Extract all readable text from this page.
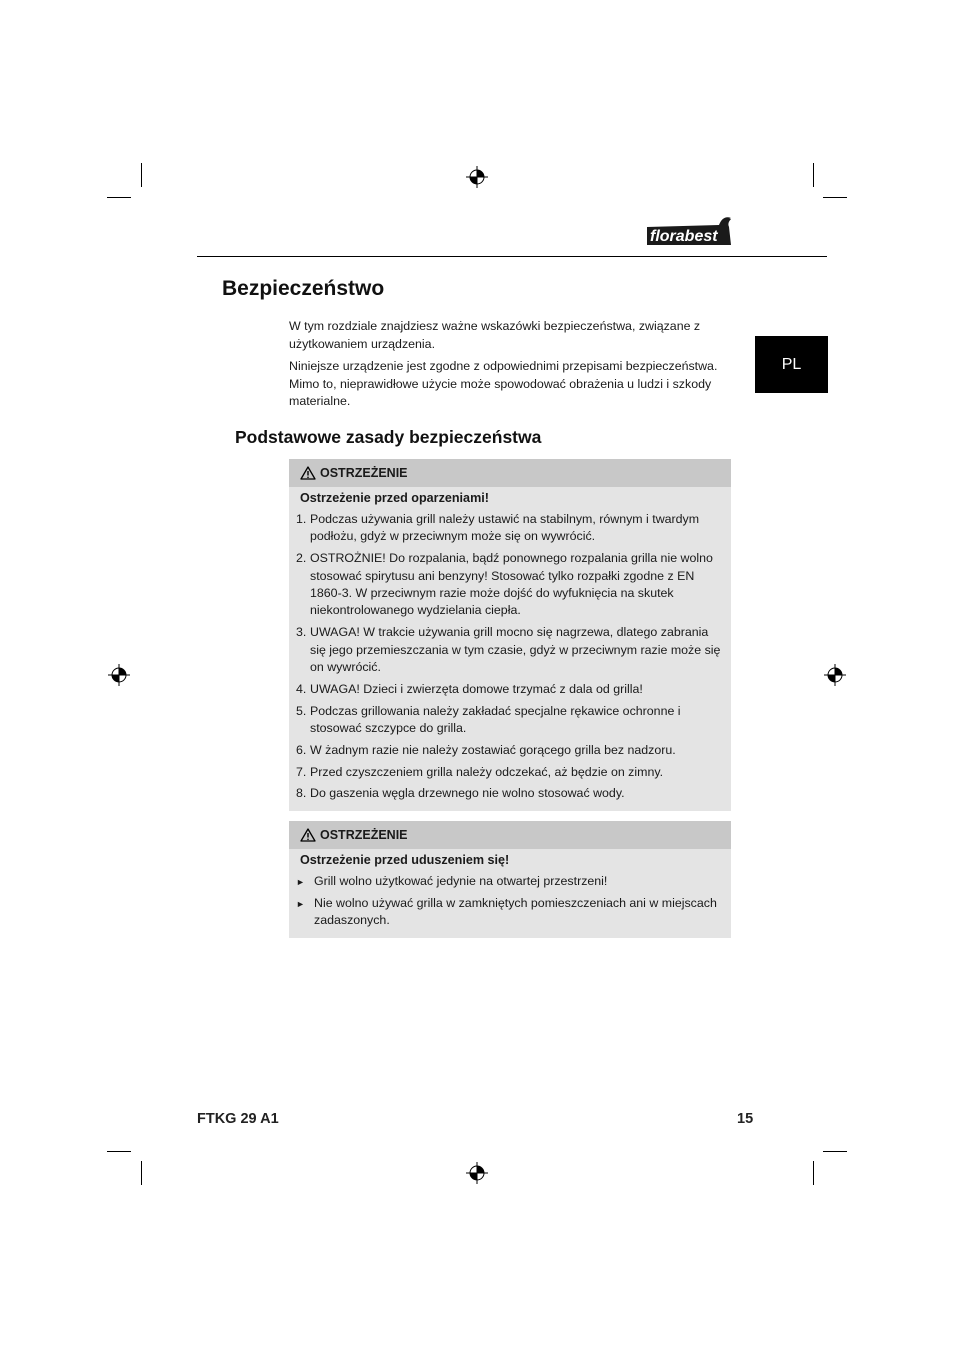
florabest
PL
Bezpieczeństwo

W tym rozdziale znajdziesz ważne wskazówki bezpieczeństwa, związane z użytkowaniem urządzenia.

Niniejsze urządzenie jest zgodne z odpowiednimi przepisami bezpieczeństwa. Mimo to, nieprawidłowe użycie może spowodować obrażenia u ludzi i szkody materialne.

Podstawowe zasady bezpieczeństwa
OSTRZEŻENIE
Ostrzeżenie przed oparzeniami!
1. Podczas używania grill należy ustawić na stabilnym, równym i twardym podłożu, gdyż w przeciwnym może się on wywrócić.
2. OSTROŻNIE! Do rozpalania, bądź ponownego rozpalania grilla nie wolno stosować spirytusu ani benzyny! Stosować tylko rozpałki zgodne z EN 1860-3. W przeciwnym razie może dojść do wyfuknięcia na skutek niekontrolowanego wydzielania ciepła.
3. UWAGA! W trakcie używania grill mocno się nagrzewa, dlatego zabrania się jego przemieszczania w tym czasie, gdyż w przeciwnym razie może się on wywrócić.
4. UWAGA! Dzieci i zwierzęta domowe trzymać z dala od grilla!
5. Podczas grillowania należy zakładać specjalne rękawice ochronne i stosować szczypce do grilla.
6. W żadnym razie nie należy zostawiać gorącego grilla bez nadzoru.
7. Przed czyszczeniem grilla należy odczekać, aż będzie on zimny.
8. Do gaszenia węgla drzewnego nie wolno stosować wody.
OSTRZEŻENIE
Ostrzeżenie przed uduszeniem się!
► Grill wolno użytkować jedynie na otwartej przestrzeni!
► Nie wolno używać grilla w zamkniętych pomieszczeniach ani w miejscach zadaszonych.
FTKG 29 A1	15
